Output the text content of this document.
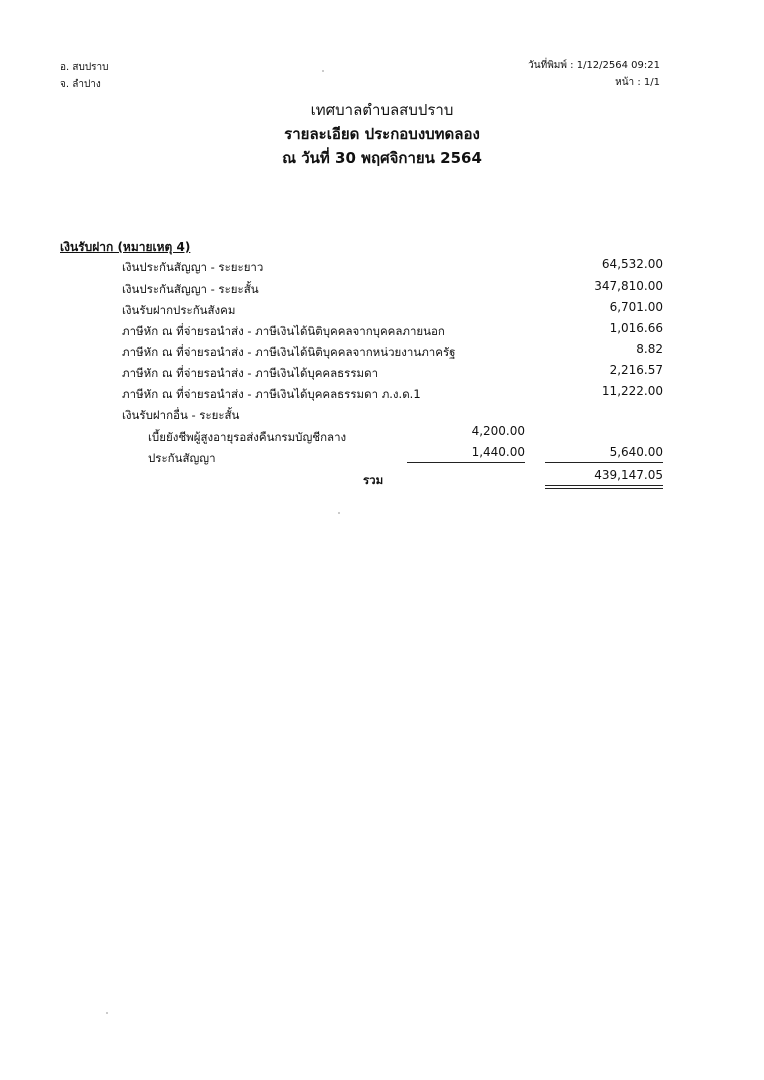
อ. สบปราบ
จ. ลำปาง
วันที่พิมพ์ : 1/12/2564 09:21
หน้า : 1/1
เทศบาลตำบลสบปราบ
รายละเอียด ประกอบงบทดลอง
ณ วันที่ 30 พฤศจิกายน 2564
เงินรับฝาก (หมายเหตุ 4)
เงินประกันสัญญา - ระยะยาว	64,532.00
เงินประกันสัญญา - ระยะสั้น	347,810.00
เงินรับฝากประกันสังคม	6,701.00
ภาษีหัก ณ ที่จ่ายรอนำส่ง - ภาษีเงินได้นิติบุคคลจากบุคคลภายนอก	1,016.66
ภาษีหัก ณ ที่จ่ายรอนำส่ง - ภาษีเงินได้นิติบุคคลจากหน่วยงานภาครัฐ	8.82
ภาษีหัก ณ ที่จ่ายรอนำส่ง - ภาษีเงินได้บุคคลธรรมดา	2,216.57
ภาษีหัก ณ ที่จ่ายรอนำส่ง - ภาษีเงินได้บุคคลธรรมดา ภ.ง.ด.1	11,222.00
เงินรับฝากอื่น - ระยะสั้น
เบี้ยยังชีพผู้สูงอายุรอส่งคืนกรมบัญชีกลาง	4,200.00
ประกันสัญญา	1,440.00	5,640.00
รวม	439,147.05
